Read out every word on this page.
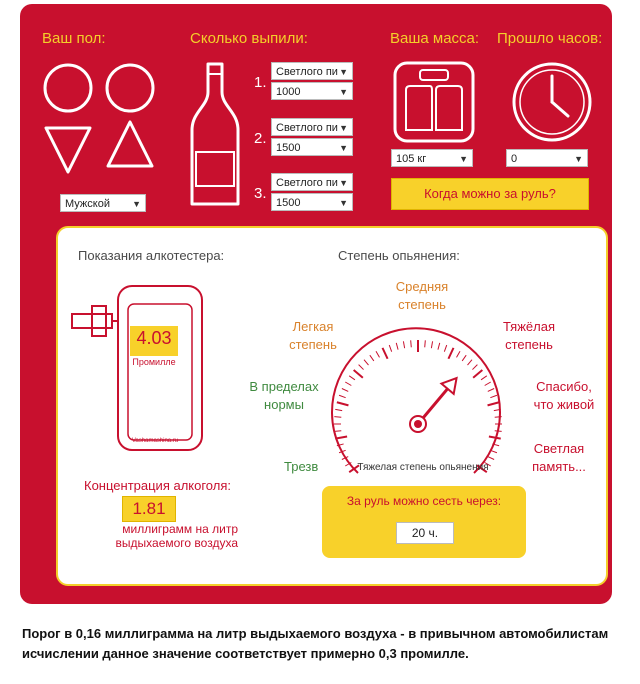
Ваш пол:	Сколько выпили:	Ваша масса: Прошло часов:
Мужской ▼
1.
Светлого пи ▼
1000	▼
2.
Светлого пи ▼
1500	▼
3.
Светлого пи ▼
1500	▼
105 кг	▼	0	▼
Когда можно за руль?
Показания алкотестера:	Степень опьянения:
4.03
Промилле
Vashamashina.ru
Концентрация алкоголя:
1.81
миллиграмм на литр
выдыхаемого воздуха
Трезв
В пределах
нормы
Легкая
степень
Средняя
степень
Тяжёлая
степень
Спасибо,
что живой
Светлая
память...
Тяжелая степень опьянения
За руль можно сесть через:
20 ч.
Порог в 0,16 миллиграмма на литр выдыхаемого воздуха - в привычном автомобилистам исчислении данное значение соответствует примерно 0,3 промилле.
